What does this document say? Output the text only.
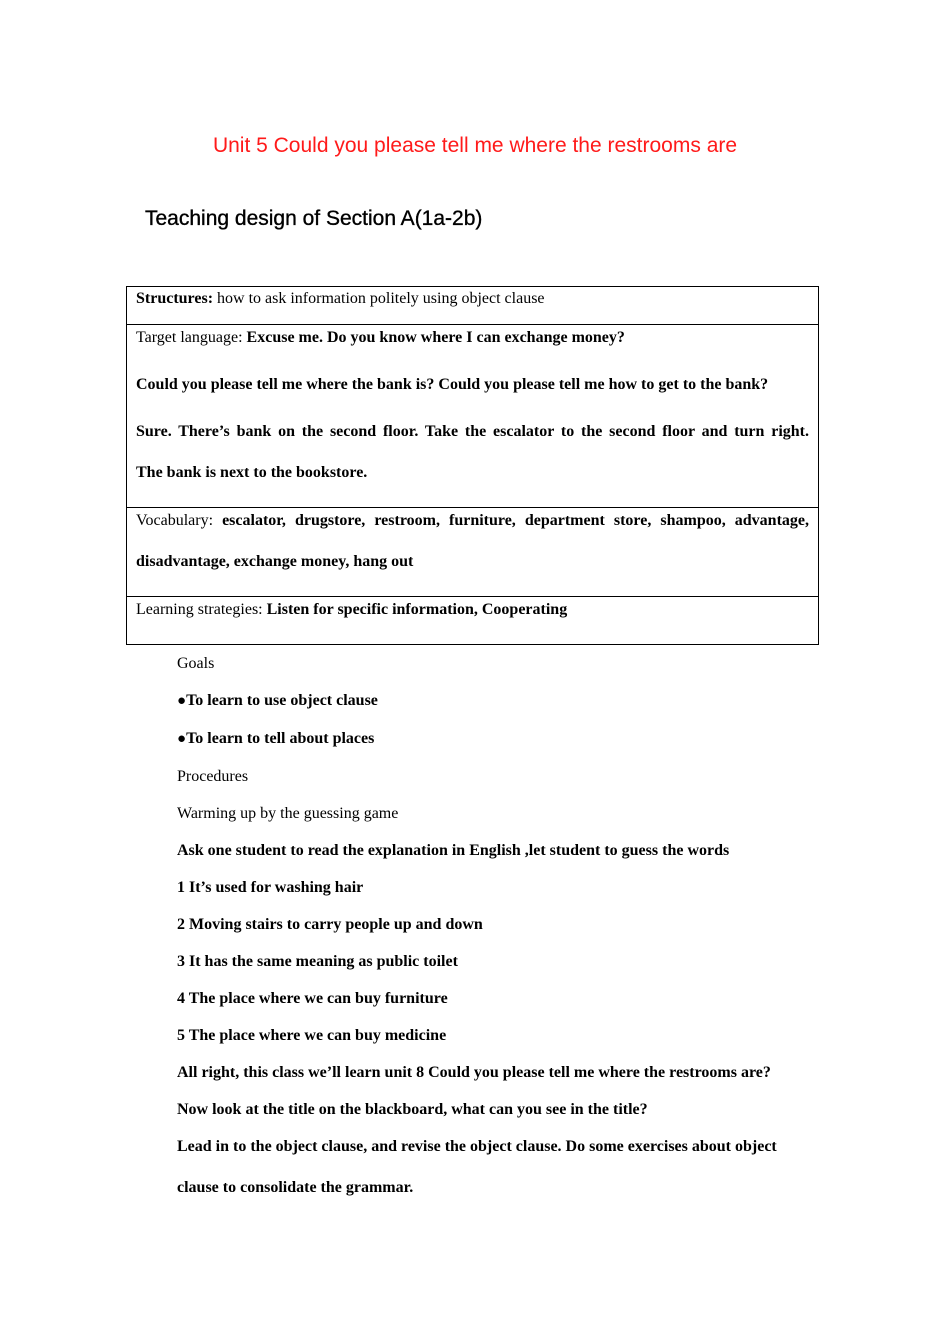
Unit 5 Could you please tell me where the restrooms are
Teaching design of Section A(1a-2b)
Structures: how to ask information politely using object clause

Target language: Excuse me. Do you know where I can exchange money?
Could you please tell me where the bank is? Could you please tell me how to get to the bank?
Sure. There’s bank on the second floor. Take the escalator to the second floor and turn right.
The bank is next to the bookstore.

Vocabulary: escalator, drugstore, restroom, furniture, department store, shampoo, advantage,
disadvantage, exchange money, hang out

Learning strategies: Listen for specific information, Cooperating

Goals

●To learn to use object clause

●To learn to tell about places

Procedures

Warming up by the guessing game

Ask one student to read the explanation in English ,let student to guess the words

1 It’s used for washing hair

2 Moving stairs to carry people up and down

3 It has the same meaning as public toilet

4 The place where we can buy furniture

5 The place where we can buy medicine

All right, this class we’ll learn unit 8 Could you please tell me where the restrooms are?

Now look at the title on the blackboard, what can you see in the title?

Lead in to the object clause, and revise the object clause. Do some exercises about object

clause to consolidate the grammar.
